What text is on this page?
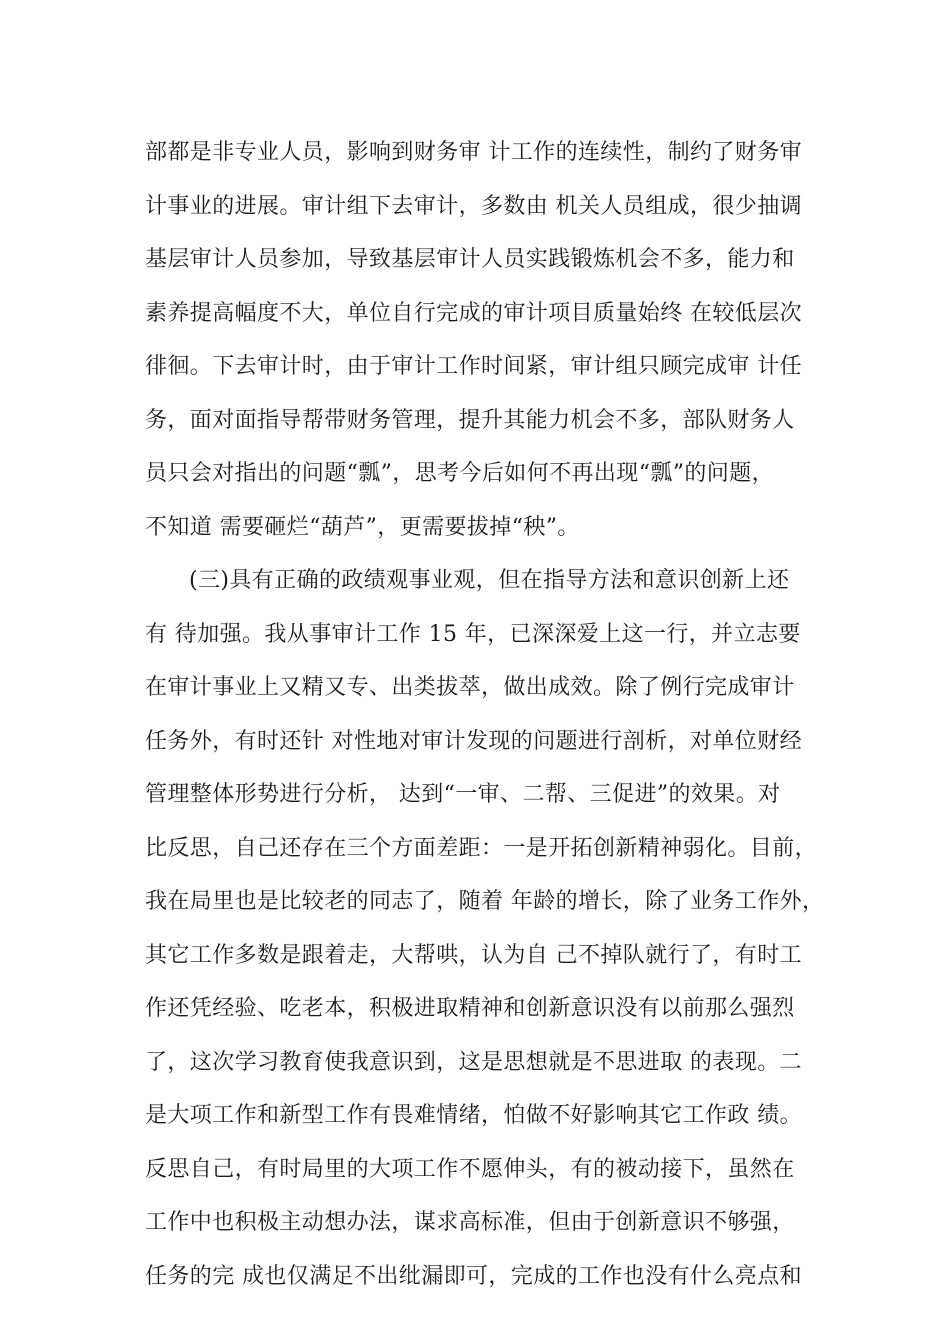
部都是非专业人员，影响到财务审 计工作的连续性，制约了财务审
计事业的进展。审计组下去审计，多数由 机关人员组成，很少抽调
基层审计人员参加，导致基层审计人员实践锻炼机会不多，能力和
素养提高幅度不大，单位自行完成的审计项目质量始终 在较低层次
徘徊。下去审计时，由于审计工作时间紧，审计组只顾完成审 计任
务，面对面指导帮带财务管理，提升其能力机会不多，部队财务人
员只会对指出的问题“瓢”，思考今后如何不再出现“瓢”的问题，
不知道 需要砸烂“葫芦”，更需要拔掉“秧”。
(三)具有正确的政绩观事业观，但在指导方法和意识创新上还
有 待加强。我从事审计工作 15 年，已深深爱上这一行，并立志要
在审计事业上又精又专、出类拔萃，做出成效。除了例行完成审计
任务外，有时还针 对性地对审计发现的问题进行剖析，对单位财经
管理整体形势进行分析， 达到“一审、二帮、三促进”的效果。对
比反思，自己还存在三个方面差距：一是开拓创新精神弱化。目前，
我在局里也是比较老的同志了，随着 年龄的增长，除了业务工作外，
其它工作多数是跟着走，大帮哄，认为自 己不掉队就行了，有时工
作还凭经验、吃老本，积极进取精神和创新意识没有以前那么强烈
了，这次学习教育使我意识到，这是思想就是不思进取 的表现。二
是大项工作和新型工作有畏难情绪，怕做不好影响其它工作政 绩。
反思自己，有时局里的大项工作不愿伸头，有的被动接下，虽然在
工作中也积极主动想办法，谋求高标准，但由于创新意识不够强，
任务的完 成也仅满足不出纰漏即可，完成的工作也没有什么亮点和
